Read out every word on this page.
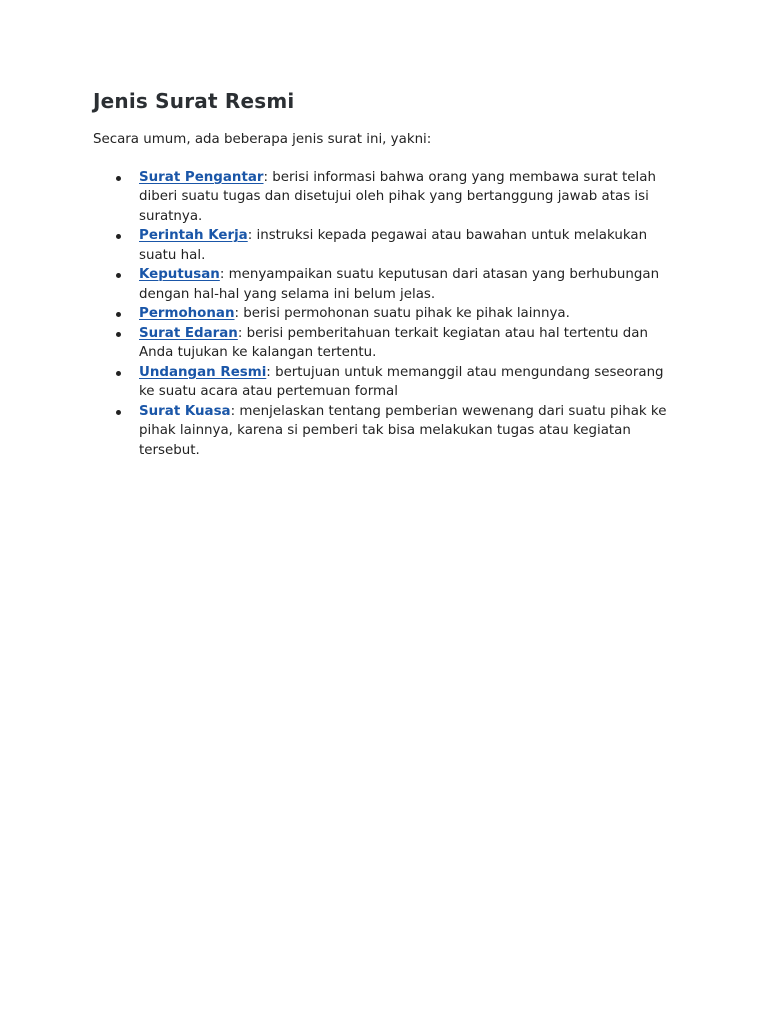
Jenis Surat Resmi

Secara umum, ada beberapa jenis surat ini, yakni:

Surat Pengantar: berisi informasi bahwa orang yang membawa surat telah diberi suatu tugas dan disetujui oleh pihak yang bertanggung jawab atas isi suratnya.
Perintah Kerja: instruksi kepada pegawai atau bawahan untuk melakukan suatu hal.
Keputusan: menyampaikan suatu keputusan dari atasan yang berhubungan dengan hal-hal yang selama ini belum jelas.
Permohonan: berisi permohonan suatu pihak ke pihak lainnya.
Surat Edaran: berisi pemberitahuan terkait kegiatan atau hal tertentu dan Anda tujukan ke kalangan tertentu.
Undangan Resmi: bertujuan untuk memanggil atau mengundang seseorang ke suatu acara atau pertemuan formal
Surat Kuasa: menjelaskan tentang pemberian wewenang dari suatu pihak ke pihak lainnya, karena si pemberi tak bisa melakukan tugas atau kegiatan tersebut.
